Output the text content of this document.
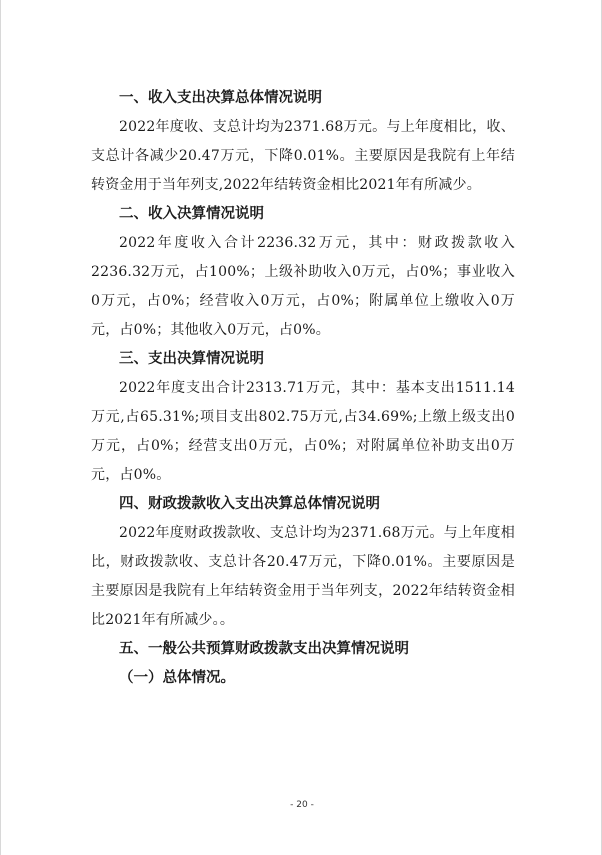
一、收入支出决算总体情况说明

2022年度收、支总计均为2371.68万元。与上年度相比，收、支总计各减少20.47万元，下降0.01%。主要原因是我院有上年结转资金用于当年列支,2022年结转资金相比2021年有所减少。

二、收入决算情况说明

2022年度收入合计2236.32万元，其中：财政拨款收入2236.32万元，占100%；上级补助收入0万元，占0%；事业收入0万元，占0%；经营收入0万元，占0%；附属单位上缴收入0万元，占0%；其他收入0万元，占0%。

三、支出决算情况说明

2022年度支出合计2313.71万元，其中：基本支出1511.14万元,占65.31%;项目支出802.75万元,占34.69%;上缴上级支出0万元，占0%；经营支出0万元，占0%；对附属单位补助支出0万元，占0%。

四、财政拨款收入支出决算总体情况说明

2022年度财政拨款收、支总计均为2371.68万元。与上年度相比，财政拨款收、支总计各20.47万元，下降0.01%。主要原因是主要原因是我院有上年结转资金用于当年列支，2022年结转资金相比2021年有所减少。。

五、一般公共预算财政拨款支出决算情况说明
（一）总体情况。
- 20 -
